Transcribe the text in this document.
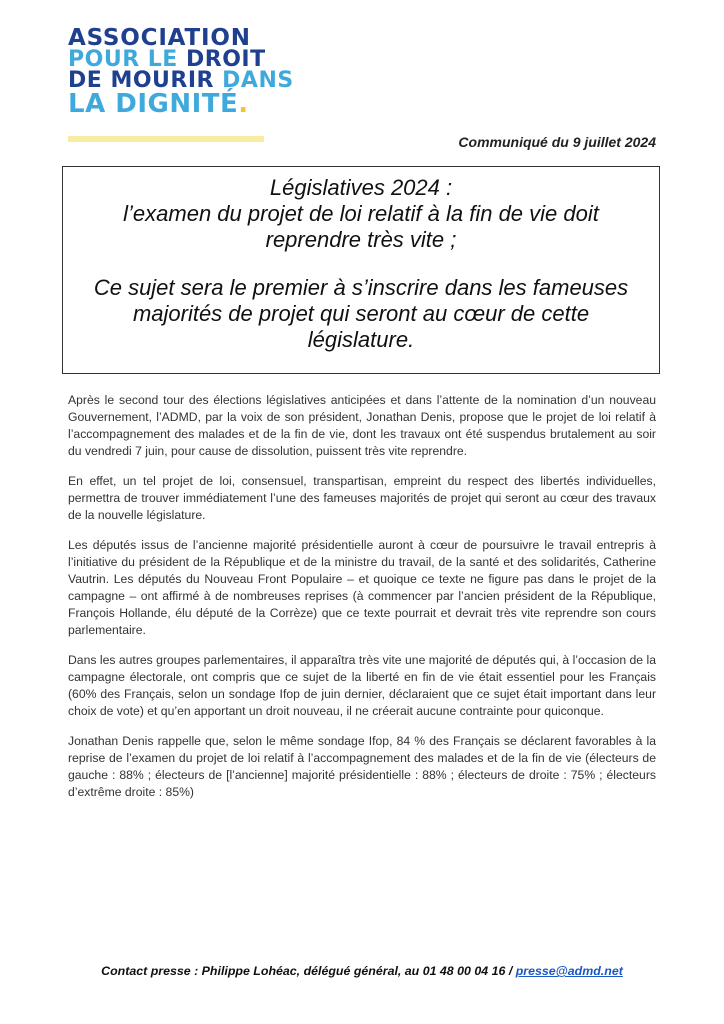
ASSOCIATION
POUR LE DROIT
DE MOURIR DANS
LA DIGNITÉ.
Communiqué du 9 juillet 2024
Législatives 2024 :
l’examen du projet de loi relatif à la fin de vie doit
reprendre très vite ;
Ce sujet sera le premier à s’inscrire dans les fameuses
majorités de projet qui seront au cœur de cette
législature.

Après le second tour des élections législatives anticipées et dans l’attente de la nomination d’un nouveau Gouvernement, l’ADMD, par la voix de son président, Jonathan Denis, propose que le projet de loi relatif à l’accompagnement des malades et de la fin de vie, dont les travaux ont été suspendus brutalement au soir du vendredi 7 juin, pour cause de dissolution, puissent très vite reprendre.

En effet, un tel projet de loi, consensuel, transpartisan, empreint du respect des libertés individuelles, permettra de trouver immédiatement l’une des fameuses majorités de projet qui seront au cœur des travaux de la nouvelle législature.

Les députés issus de l’ancienne majorité présidentielle auront à cœur de poursuivre le travail entrepris à l’initiative du président de la République et de la ministre du travail, de la santé et des solidarités, Catherine Vautrin. Les députés du Nouveau Front Populaire – et quoique ce texte ne figure pas dans le projet de la campagne – ont affirmé à de nombreuses reprises (à commencer par l’ancien président de la République, François Hollande, élu député de la Corrèze) que ce texte pourrait et devrait très vite reprendre son cours parlementaire.

Dans les autres groupes parlementaires, il apparaîtra très vite une majorité de députés qui, à l’occasion de la campagne électorale, ont compris que ce sujet de la liberté en fin de vie était essentiel pour les Français (60% des Français, selon un sondage Ifop de juin dernier, déclaraient que ce sujet était important dans leur choix de vote) et qu’en apportant un droit nouveau, il ne créerait aucune contrainte pour quiconque.

Jonathan Denis rappelle que, selon le même sondage Ifop, 84 % des Français se déclarent favorables à la reprise de l’examen du projet de loi relatif à l’accompagnement des malades et de la fin de vie (électeurs de gauche : 88% ; électeurs de [l’ancienne] majorité présidentielle : 88% ; électeurs de droite : 75% ; électeurs d’extrême droite : 85%)

Contact presse : Philippe Lohéac, délégué général, au 01 48 00 04 16 / presse@admd.net
